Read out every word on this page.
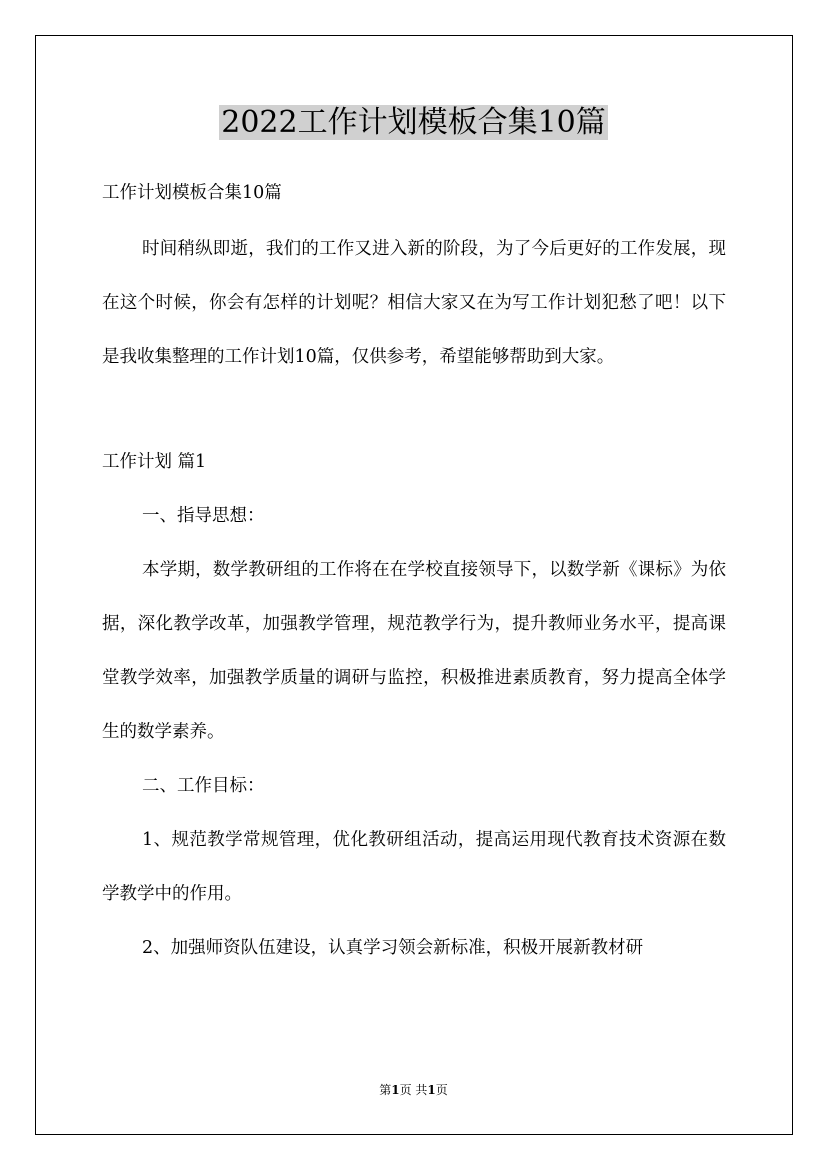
2022工作计划模板合集10篇

工作计划模板合集10篇

时间稍纵即逝，我们的工作又进入新的阶段，为了今后更好的工作发展，现在这个时候，你会有怎样的计划呢？相信大家又在为写工作计划犯愁了吧！以下是我收集整理的工作计划10篇，仅供参考，希望能够帮助到大家。

工作计划 篇1

一、指导思想：

本学期，数学教研组的工作将在在学校直接领导下，以数学新《课标》为依据，深化教学改革，加强教学管理，规范教学行为，提升教师业务水平，提高课堂教学效率，加强教学质量的调研与监控，积极推进素质教育，努力提高全体学生的数学素养。

二、工作目标：

1、规范教学常规管理，优化教研组活动，提高运用现代教育技术资源在数学教学中的作用。

2、加强师资队伍建设，认真学习领会新标准，积极开展新教材研

第1页 共1页
